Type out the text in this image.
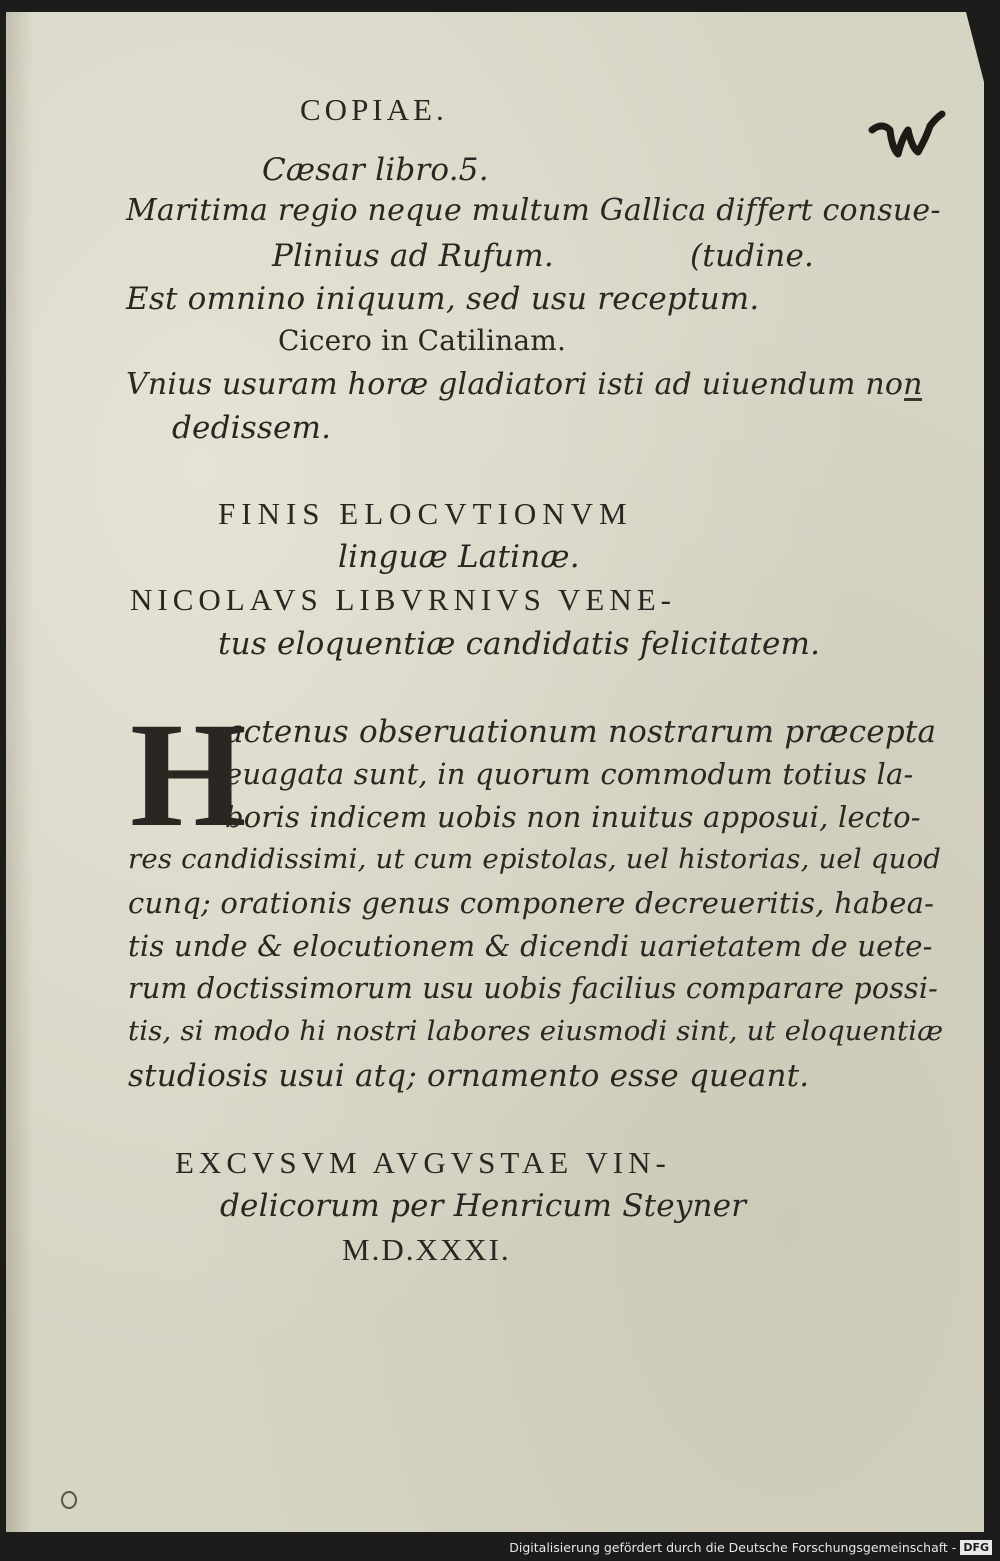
COPIAE.
Cæsar libro.5.
Maritima regio neque multum Gallica differt consue-
Plinius ad Rufum.	(tudine.
Est omnino iniquum, sed usu receptum.
Cicero in Catilinam.
Vnius usuram horæ gladiatori isti ad uiuendum non
dedissem.
FINIS ELOCVTIONVM
linguæ Latinæ.
NICOLAVS LIBVRNIVS VENE-
tus eloquentiæ candidatis felicitatem.
H
actenus obseruationum nostrarum præcepta
euagata sunt, in quorum commodum totius la-
boris indicem uobis non inuitus apposui, lecto-
res candidissimi, ut cum epistolas, uel historias, uel quod
cunq; orationis genus componere decreueritis, habea-
tis unde & elocutionem & dicendi uarietatem de uete-
rum doctissimorum usu uobis facilius comparare possi-
tis, si modo hi nostri labores eiusmodi sint, ut eloquentiæ
studiosis usui atq; ornamento esse queant.
EXCVSVM AVGVSTAE VIN-
delicorum per Henricum Steyner
M.D.XXXI.
Digitalisierung gefördert durch die Deutsche Forschungsgemeinschaft - DFG
